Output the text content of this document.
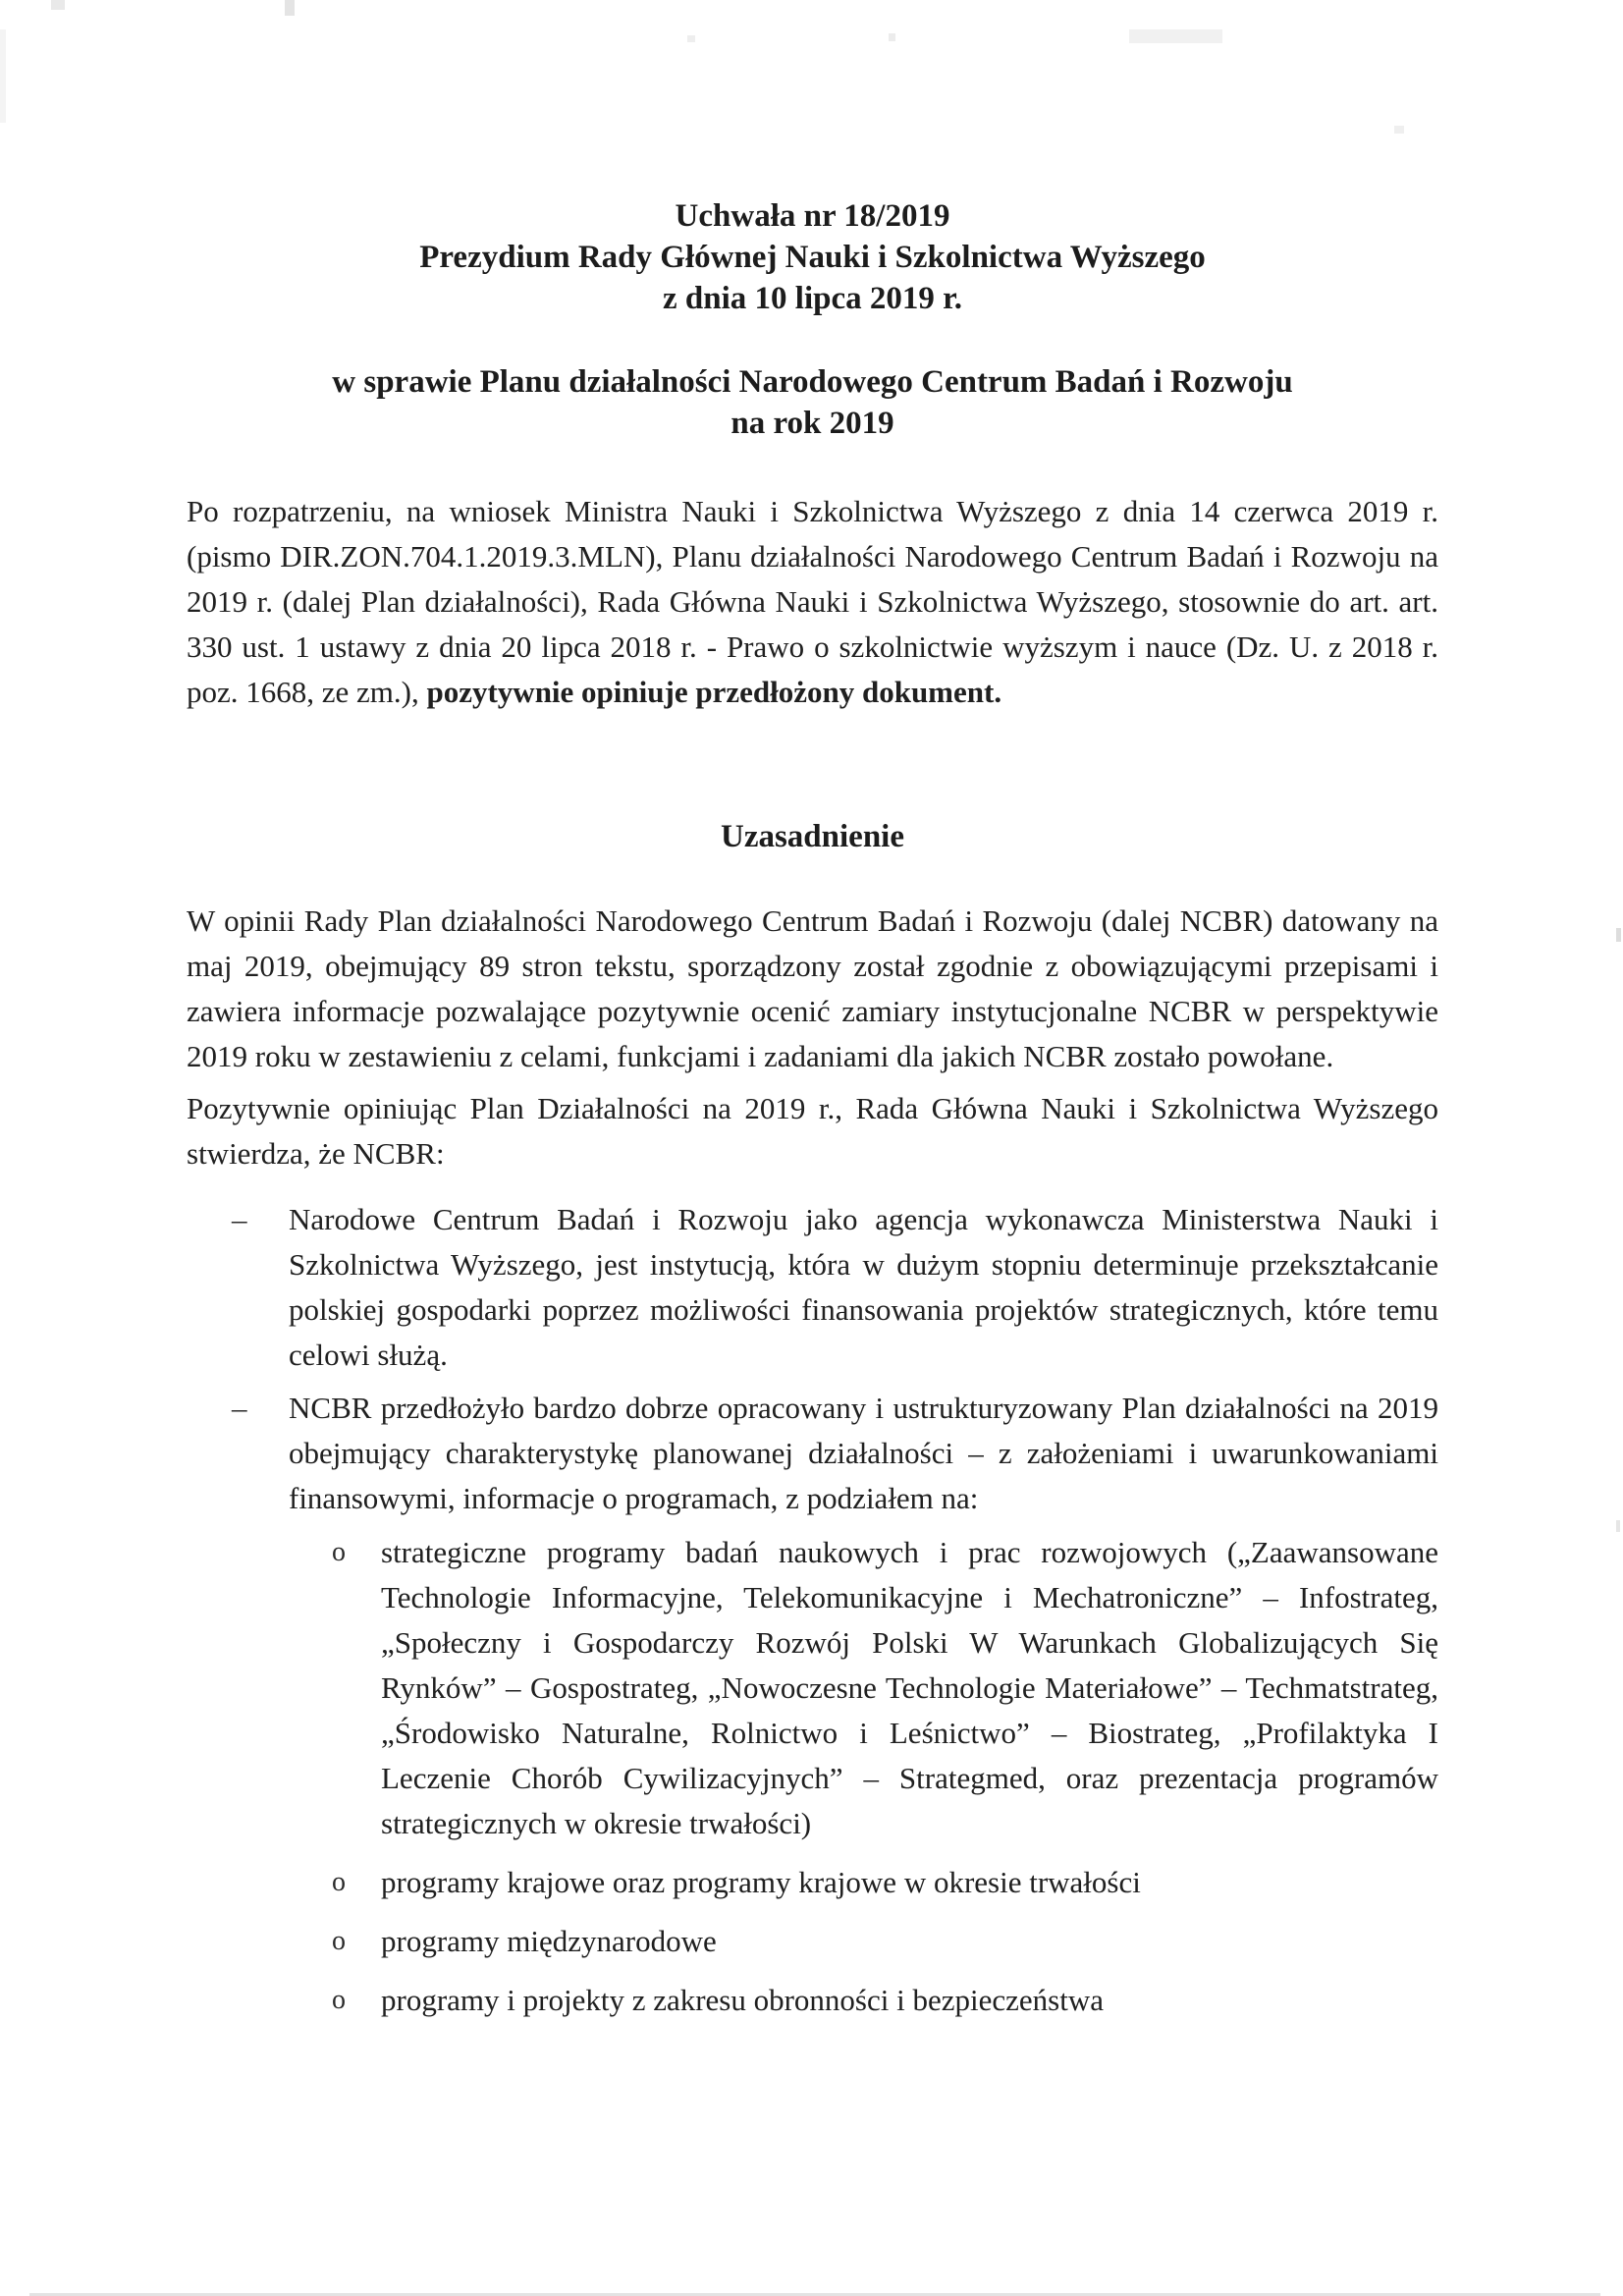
Uchwała nr 18/2019
Prezydium Rady Głównej Nauki i Szkolnictwa Wyższego
z dnia 10 lipca 2019 r.
w sprawie Planu działalności Narodowego Centrum Badań i Rozwoju
na rok 2019

Po rozpatrzeniu, na wniosek Ministra Nauki i Szkolnictwa Wyższego z dnia 14 czerwca 2019 r. (pismo DIR.ZON.704.1.2019.3.MLN), Planu działalności Narodowego Centrum Badań i Rozwoju na 2019 r. (dalej Plan działalności), Rada Główna Nauki i Szkolnictwa Wyższego, stosownie do art. art. 330 ust. 1 ustawy z dnia 20 lipca 2018 r. - Prawo o szkolnictwie wyższym i nauce (Dz. U. z 2018 r. poz. 1668, ze zm.), pozytywnie opiniuje przedłożony dokument.

Uzasadnienie

W opinii Rady Plan działalności Narodowego Centrum Badań i Rozwoju (dalej NCBR) datowany na maj 2019, obejmujący 89 stron tekstu, sporządzony został zgodnie z obowiązującymi przepisami i zawiera informacje pozwalające pozytywnie ocenić zamiary instytucjonalne NCBR w perspektywie 2019 roku w zestawieniu z celami, funkcjami i zadaniami dla jakich NCBR zostało powołane.

Pozytywnie opiniując Plan Działalności na 2019 r., Rada Główna Nauki i Szkolnictwa Wyższego stwierdza, że NCBR:

–	Narodowe Centrum Badań i Rozwoju jako agencja wykonawcza Ministerstwa Nauki i Szkolnictwa Wyższego, jest instytucją, która w dużym stopniu determinuje przekształcanie polskiej gospodarki poprzez możliwości finansowania projektów strategicznych, które temu celowi służą.
–	NCBR przedłożyło bardzo dobrze opracowany i ustrukturyzowany Plan działalności na 2019 obejmujący charakterystykę planowanej działalności – z założeniami i uwarunkowaniami finansowymi, informacje o programach, z podziałem na:
o	strategiczne programy badań naukowych i prac rozwojowych („Zaawansowane Technologie Informacyjne, Telekomunikacyjne i Mechatroniczne” – Infostrateg, „Społeczny i Gospodarczy Rozwój Polski W Warunkach Globalizujących Się Rynków” – Gospostrateg, „Nowoczesne Technologie Materiałowe” – Techmatstrateg, „Środowisko Naturalne, Rolnictwo i Leśnictwo” – Biostrateg, „Profilaktyka I Leczenie Chorób Cywilizacyjnych” – Strategmed, oraz prezentacja programów strategicznych w okresie trwałości)
o	programy krajowe oraz programy krajowe w okresie trwałości
o	programy międzynarodowe
o	programy i projekty z zakresu obronności i bezpieczeństwa
